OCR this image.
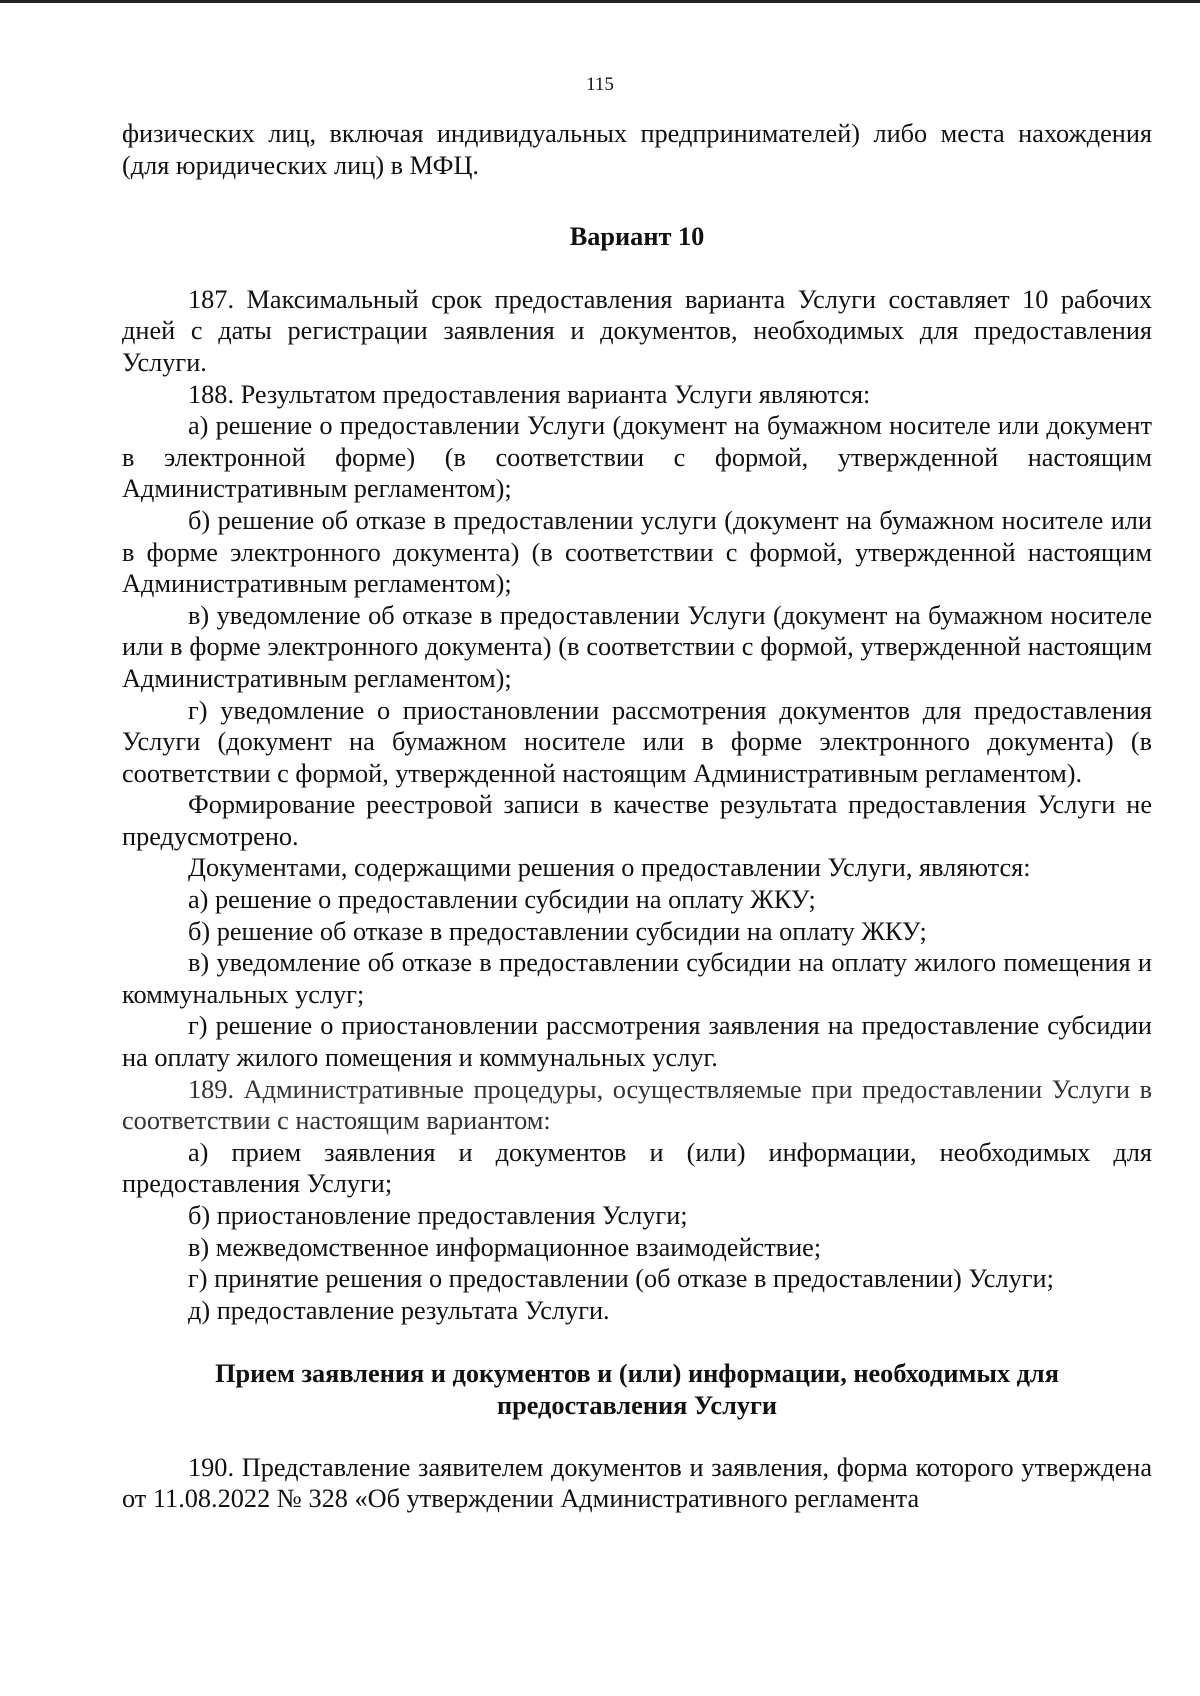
115

физических лиц, включая индивидуальных предпринимателей) либо места нахождения (для юридических лиц) в МФЦ.

Вариант 10

187. Максимальный срок предоставления варианта Услуги составляет 10 рабочих дней с даты регистрации заявления и документов, необходимых для предоставления Услуги.

188. Результатом предоставления варианта Услуги являются:

а) решение о предоставлении Услуги (документ на бумажном носителе или документ в электронной форме) (в соответствии с формой, утвержденной настоящим Административным регламентом);

б) решение об отказе в предоставлении услуги (документ на бумажном носителе или в форме электронного документа) (в соответствии с формой, утвержденной настоящим Административным регламентом);

в) уведомление об отказе в предоставлении Услуги (документ на бумажном носителе или в форме электронного документа) (в соответствии с формой, утвержденной настоящим Административным регламентом);

г) уведомление о приостановлении рассмотрения документов для предоставления Услуги (документ на бумажном носителе или в форме электронного документа) (в соответствии с формой, утвержденной настоящим Административным регламентом).

Формирование реестровой записи в качестве результата предоставления Услуги не предусмотрено.

Документами, содержащими решения о предоставлении Услуги, являются:

а) решение о предоставлении субсидии на оплату ЖКУ;

б) решение об отказе в предоставлении субсидии на оплату ЖКУ;

в) уведомление об отказе в предоставлении субсидии на оплату жилого помещения и коммунальных услуг;

г) решение о приостановлении рассмотрения заявления на предоставление субсидии на оплату жилого помещения и коммунальных услуг.

189. Административные процедуры, осуществляемые при предоставлении Услуги в соответствии с настоящим вариантом:

а) прием заявления и документов и (или) информации, необходимых для предоставления Услуги;

б) приостановление предоставления Услуги;

в) межведомственное информационное взаимодействие;

г) принятие решения о предоставлении (об отказе в предоставлении) Услуги;

д) предоставление результата Услуги.

Прием заявления и документов и (или) информации, необходимых для предоставления Услуги

190. Представление заявителем документов и заявления, форма которого утверждена от 11.08.2022 № 328 «Об утверждении Административного регламента
